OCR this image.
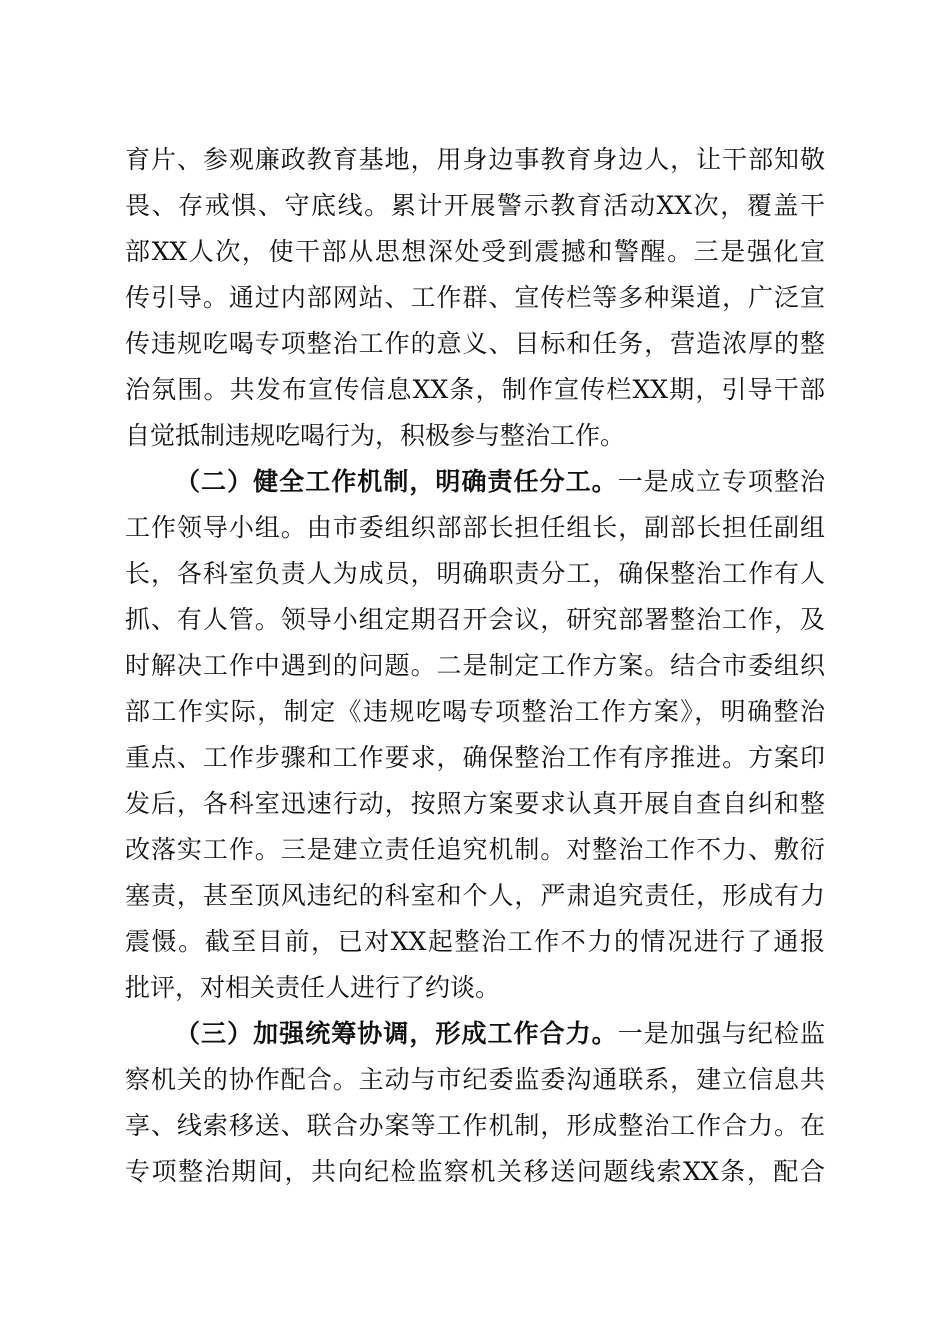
育片、参观廉政教育基地，用身边事教育身边人，让干部知敬
畏、存戒惧、守底线。累计开展警示教育活动XX次，覆盖干
部XX人次，使干部从思想深处受到震撼和警醒。三是强化宣
传引导。通过内部网站、工作群、宣传栏等多种渠道，广泛宣
传违规吃喝专项整治工作的意义、目标和任务，营造浓厚的整
治氛围。共发布宣传信息XX条，制作宣传栏XX期，引导干部
自觉抵制违规吃喝行为，积极参与整治工作。
（二）健全工作机制，明确责任分工。一是成立专项整治
工作领导小组。由市委组织部部长担任组长，副部长担任副组
长，各科室负责人为成员，明确职责分工，确保整治工作有人
抓、有人管。领导小组定期召开会议，研究部署整治工作，及
时解决工作中遇到的问题。二是制定工作方案。结合市委组织
部工作实际，制定《违规吃喝专项整治工作方案》，明确整治
重点、工作步骤和工作要求，确保整治工作有序推进。方案印
发后，各科室迅速行动，按照方案要求认真开展自查自纠和整
改落实工作。三是建立责任追究机制。对整治工作不力、敷衍
塞责，甚至顶风违纪的科室和个人，严肃追究责任，形成有力
震慑。截至目前，已对XX起整治工作不力的情况进行了通报
批评，对相关责任人进行了约谈。
（三）加强统筹协调，形成工作合力。一是加强与纪检监
察机关的协作配合。主动与市纪委监委沟通联系，建立信息共
享、线索移送、联合办案等工作机制，形成整治工作合力。在
专项整治期间，共向纪检监察机关移送问题线索XX条，配合
